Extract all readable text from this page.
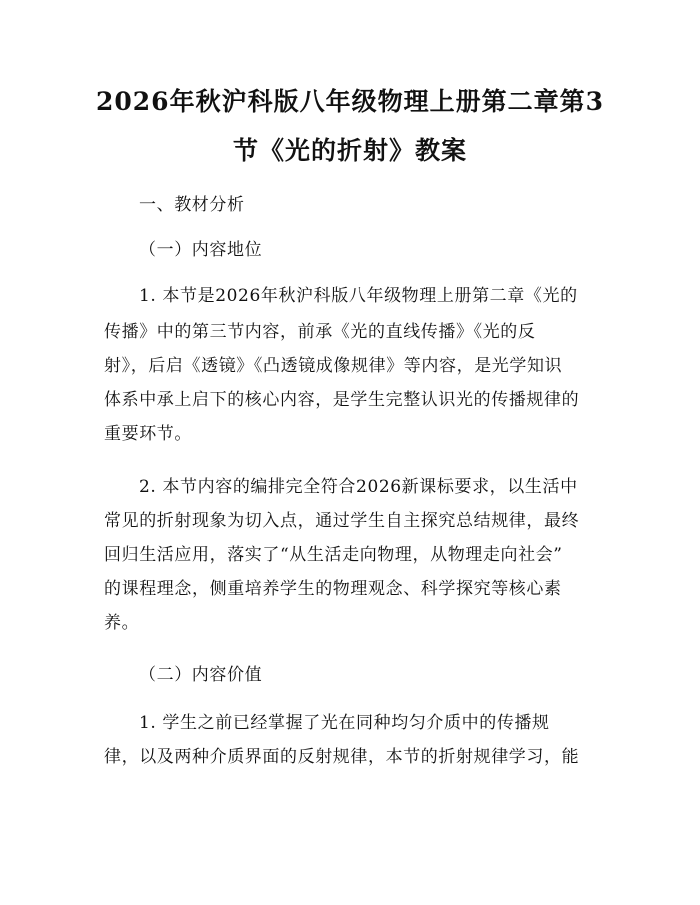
2026年秋沪科版八年级物理上册第二章第3
节《光的折射》教案
一、教材分析
（一）内容地位
1. 本节是2026年秋沪科版八年级物理上册第二章《光的
传播》中的第三节内容，前承《光的直线传播》《光的反
射》，后启《透镜》《凸透镜成像规律》等内容，是光学知识
体系中承上启下的核心内容，是学生完整认识光的传播规律的
重要环节。
2. 本节内容的编排完全符合2026新课标要求，以生活中
常见的折射现象为切入点，通过学生自主探究总结规律，最终
回归生活应用，落实了“从生活走向物理，从物理走向社会”
的课程理念，侧重培养学生的物理观念、科学探究等核心素
养。
（二）内容价值
1. 学生之前已经掌握了光在同种均匀介质中的传播规
律，以及两种介质界面的反射规律，本节的折射规律学习，能
